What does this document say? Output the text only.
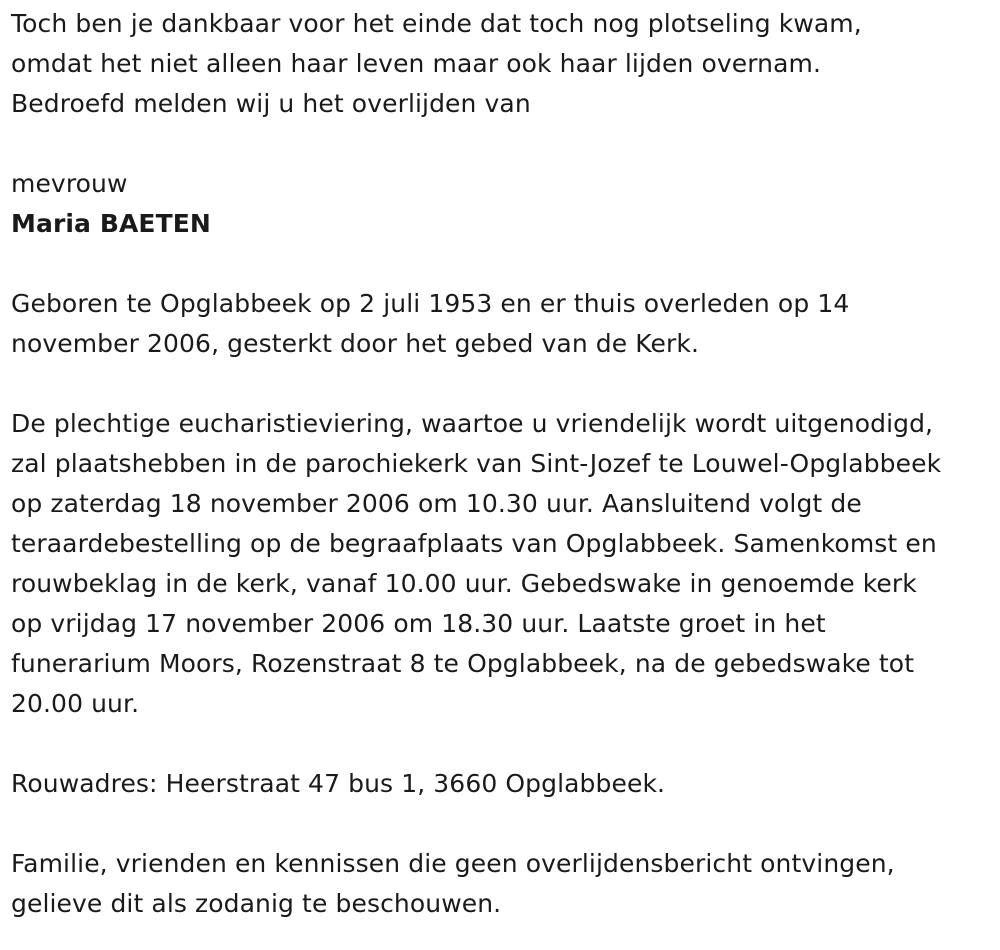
Toch ben je dankbaar voor het einde dat toch nog plotseling kwam,
omdat het niet alleen haar leven maar ook haar lijden overnam.
Bedroefd melden wij u het overlijden van

mevrouw

Maria BAETEN

Geboren te Opglabbeek op 2 juli 1953 en er thuis overleden op 14
november 2006, gesterkt door het gebed van de Kerk.

De plechtige eucharistieviering, waartoe u vriendelijk wordt uitgenodigd,
zal plaatshebben in de parochiekerk van Sint-Jozef te Louwel-Opglabbeek
op zaterdag 18 november 2006 om 10.30 uur. Aansluitend volgt de
teraardebestelling op de begraafplaats van Opglabbeek. Samenkomst en
rouwbeklag in de kerk, vanaf 10.00 uur. Gebedswake in genoemde kerk
op vrijdag 17 november 2006 om 18.30 uur. Laatste groet in het
funerarium Moors, Rozenstraat 8 te Opglabbeek, na de gebedswake tot
20.00 uur.

Rouwadres: Heerstraat 47 bus 1, 3660 Opglabbeek.

Familie, vrienden en kennissen die geen overlijdensbericht ontvingen,
gelieve dit als zodanig te beschouwen.
